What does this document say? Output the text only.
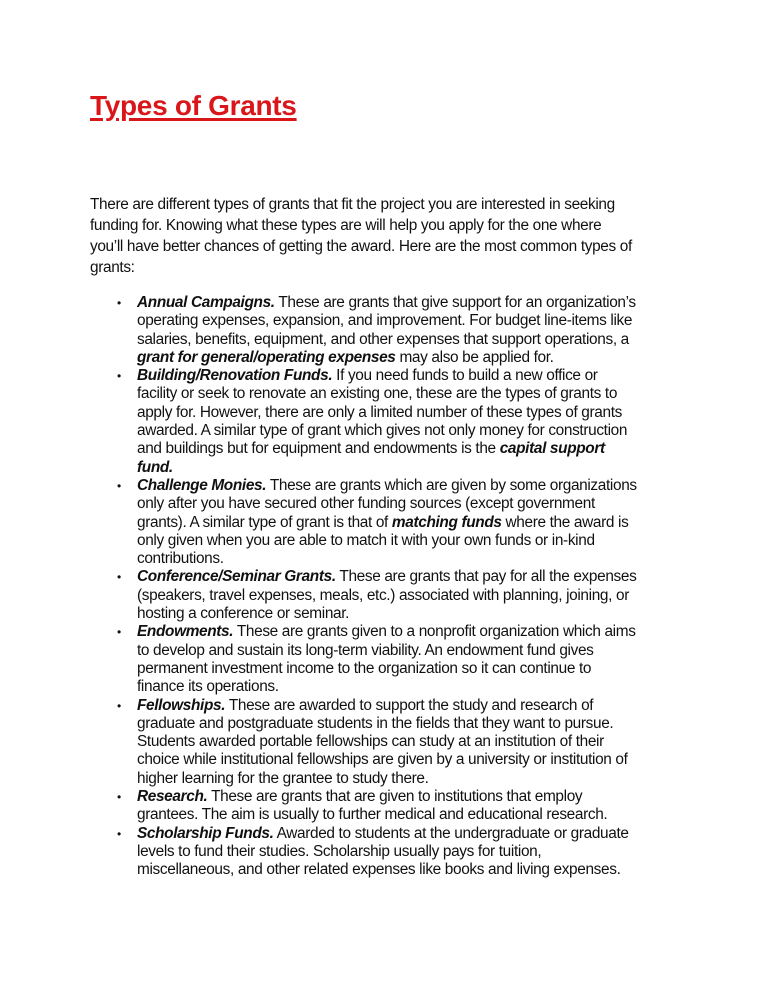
Types of Grants
There are different types of grants that fit the project you are interested in seeking
funding for. Knowing what these types are will help you apply for the one where
you’ll have better chances of getting the award. Here are the most common types of
grants:
• Annual Campaigns. These are grants that give support for an organization’s
operating expenses, expansion, and improvement. For budget line-items like
salaries, benefits, equipment, and other expenses that support operations, a
grant for general/operating expenses may also be applied for.
• Building/Renovation Funds. If you need funds to build a new office or
facility or seek to renovate an existing one, these are the types of grants to
apply for. However, there are only a limited number of these types of grants
awarded. A similar type of grant which gives not only money for construction
and buildings but for equipment and endowments is the capital support
fund.
• Challenge Monies. These are grants which are given by some organizations
only after you have secured other funding sources (except government
grants). A similar type of grant is that of matching funds where the award is
only given when you are able to match it with your own funds or in-kind
contributions.
• Conference/Seminar Grants. These are grants that pay for all the expenses
(speakers, travel expenses, meals, etc.) associated with planning, joining, or
hosting a conference or seminar.
• Endowments. These are grants given to a nonprofit organization which aims
to develop and sustain its long-term viability. An endowment fund gives
permanent investment income to the organization so it can continue to
finance its operations.
• Fellowships. These are awarded to support the study and research of
graduate and postgraduate students in the fields that they want to pursue.
Students awarded portable fellowships can study at an institution of their
choice while institutional fellowships are given by a university or institution of
higher learning for the grantee to study there.
• Research. These are grants that are given to institutions that employ
grantees. The aim is usually to further medical and educational research.
• Scholarship Funds. Awarded to students at the undergraduate or graduate
levels to fund their studies. Scholarship usually pays for tuition,
miscellaneous, and other related expenses like books and living expenses.
